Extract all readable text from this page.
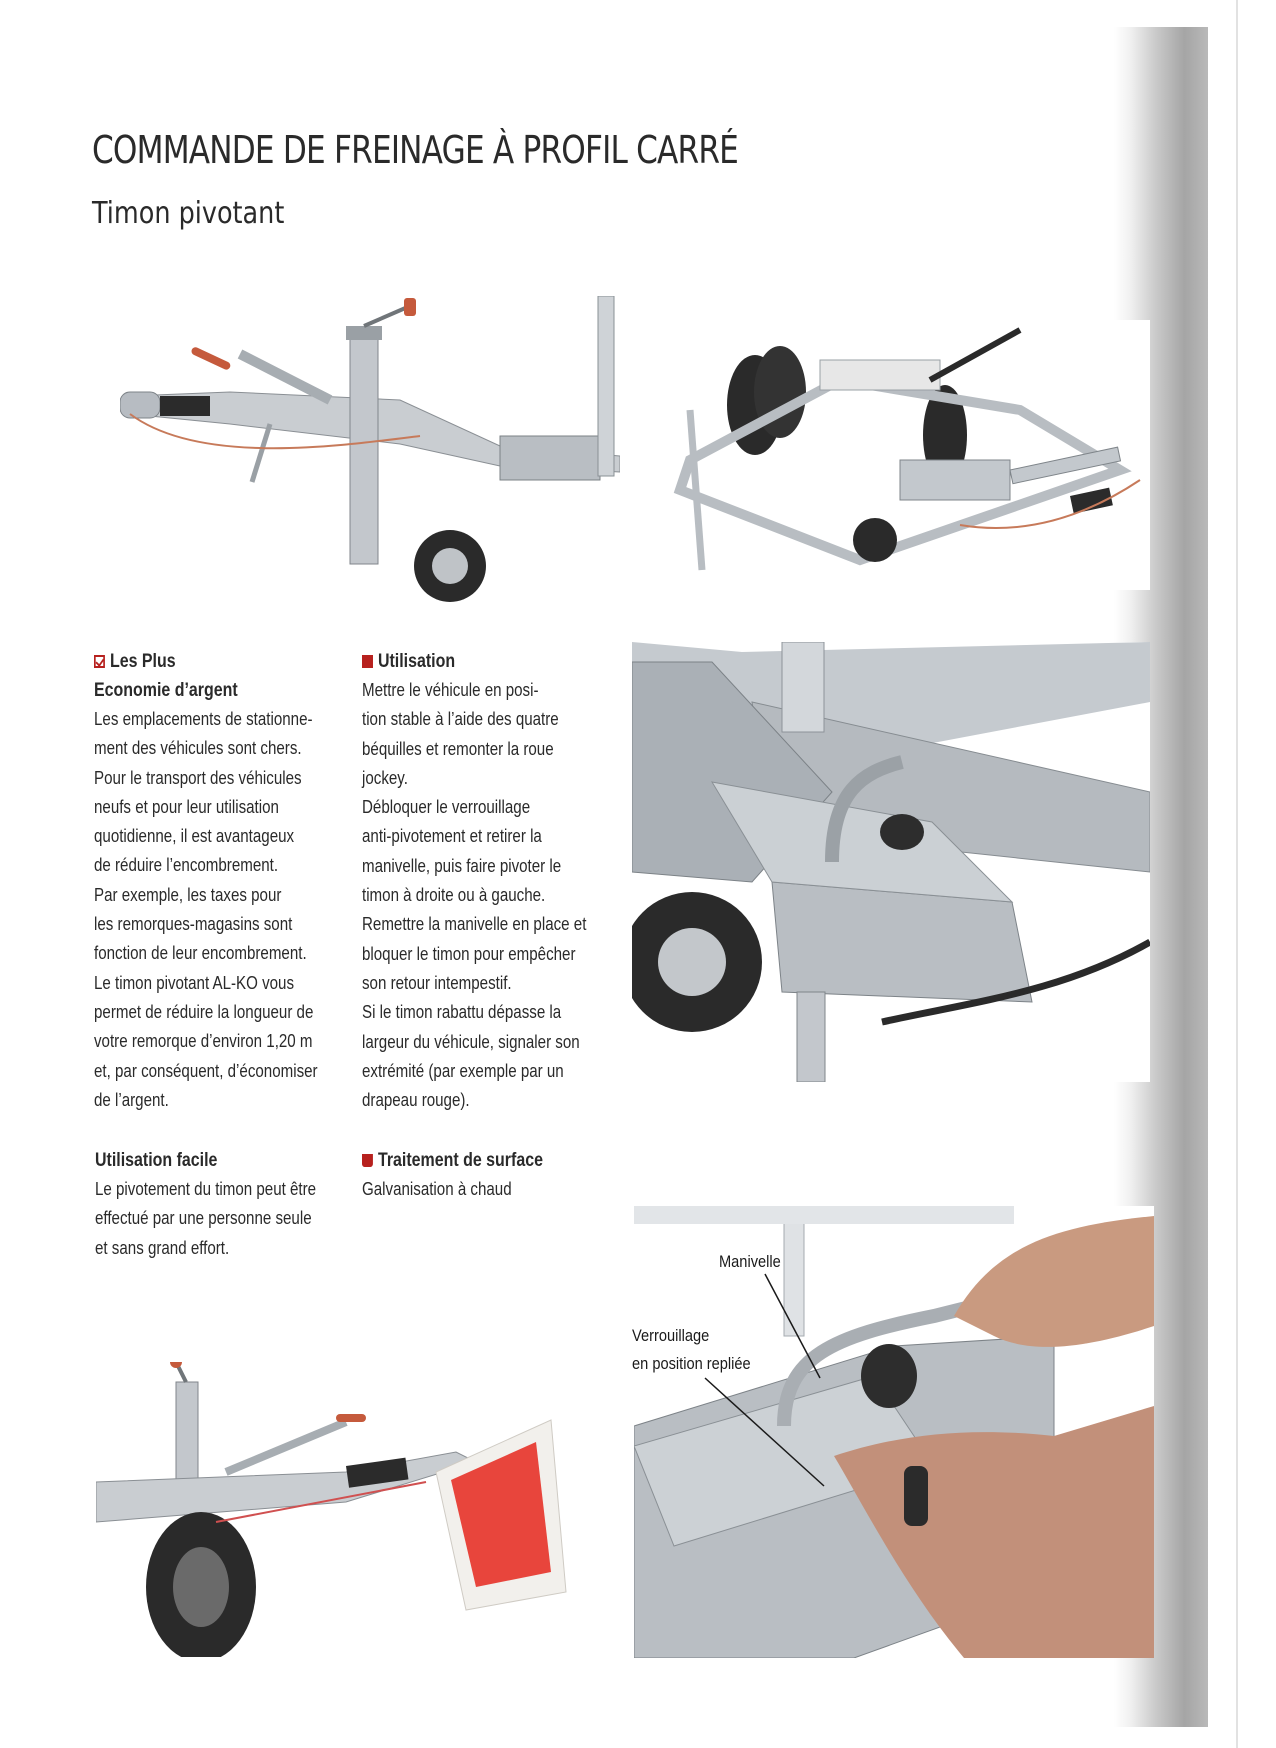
COMMANDE DE FREINAGE À PROFIL CARRÉ
Timon pivotant
Manivelle
Verrouillage
en position repliée
Les Plus
Economie d’argent
Les emplacements de stationne-
ment des véhicules sont chers.
Pour le transport des véhicules
neufs et pour leur utilisation
quotidienne, il est avantageux
de réduire l’encombrement.
Par exemple, les taxes pour
les remorques-magasins sont
fonction de leur encombrement.
Le timon pivotant AL-KO vous
permet de réduire la longueur de
votre remorque d’environ 1,20 m
et, par conséquent, d’économiser
de l’argent.
Utilisation facile
Le pivotement du timon peut être
effectué par une personne seule
et sans grand effort.
Utilisation
Mettre le véhicule en posi-
tion stable à l’aide des quatre
béquilles et remonter la roue
jockey.
Débloquer le verrouillage
anti-pivotement et retirer la
manivelle, puis faire pivoter le
timon à droite ou à gauche.
Remettre la manivelle en place et
bloquer le timon pour empêcher
son retour intempestif.
Si le timon rabattu dépasse la
largeur du véhicule, signaler son
extrémité (par exemple par un
drapeau rouge).
Traitement de surface
Galvanisation à chaud
